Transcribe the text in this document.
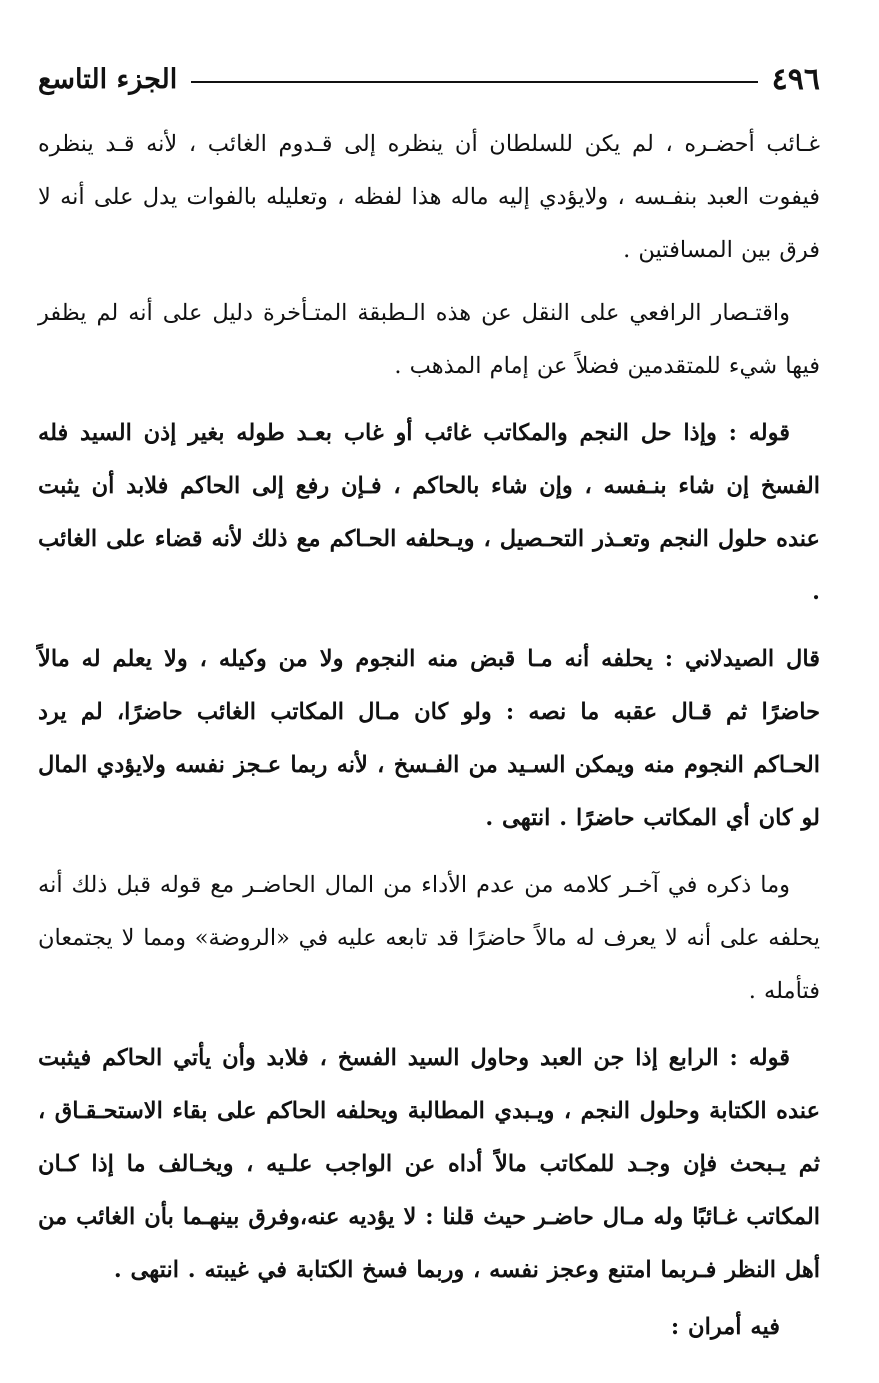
٤٩٦
الجزء التاسع

غـائب أحضـره ، لم يكن للسلطان أن ينظره إلى قـدوم الغائب ، لأنه قـد ينظره فيفوت العبد بنفـسه ، ولايؤدي إليه ماله هذا لفظه ، وتعليله بالفوات يدل على أنه لا فرق بين المسافتين .

واقتـصار الرافعي على النقل عن هذه الـطبقة المتـأخرة دليل على أنه لم يظفر فيها شيء للمتقدمين فضلاً عن إمام المذهب .

قوله : وإذا حل النجم والمكاتب غائب أو غاب بعـد طوله بغير إذن السيد فله الفسخ إن شاء بنـفسه ، وإن شاء بالحاكم ، فـإن رفع إلى الحاكم فلابد أن يثبت عنده حلول النجم وتعـذر التحـصيل ، ويـحلفه الحـاكم مع ذلك لأنه قضاء على الغائب .

قال الصيدلاني : يحلفه أنه مـا قبض منه النجوم ولا من وكيله ، ولا يعلم له مالاً حاضرًا ثم قـال عقبه ما نصه : ولو كان مـال المكاتب الغائب حاضرًا، لم يرد الحـاكم النجوم منه ويمكن السـيد من الفـسخ ، لأنه ربما عـجز نفسه ولايؤدي المال لو كان أي المكاتب حاضرًا . انتهى .

وما ذكره في آخـر كلامه من عدم الأداء من المال الحاضـر مع قوله قبل ذلك أنه يحلفه على أنه لا يعرف له مالاً حاضرًا قد تابعه عليه في «الروضة» ومما لا يجتمعان فتأمله .

قوله : الرابع إذا جن العبد وحاول السيد الفسخ ، فلابد وأن يأتي الحاكم فيثبت عنده الكتابة وحلول النجم ، ويـبدي المطالبة ويحلفه الحاكم على بقاء الاستحـقـاق ، ثم يـبحث فإن وجـد للمكاتب مالاً أداه عن الواجب علـيه ، ويخـالف ما إذا كـان المكاتب غـائبًا وله مـال حاضـر حيث قلنا : لا يؤديه عنه،وفرق بينهـما بأن الغائب من أهل النظر فـربما امتنع وعجز نفسه ، وربما فسخ الكتابة في غيبته . انتهى .

فيه أمران :
